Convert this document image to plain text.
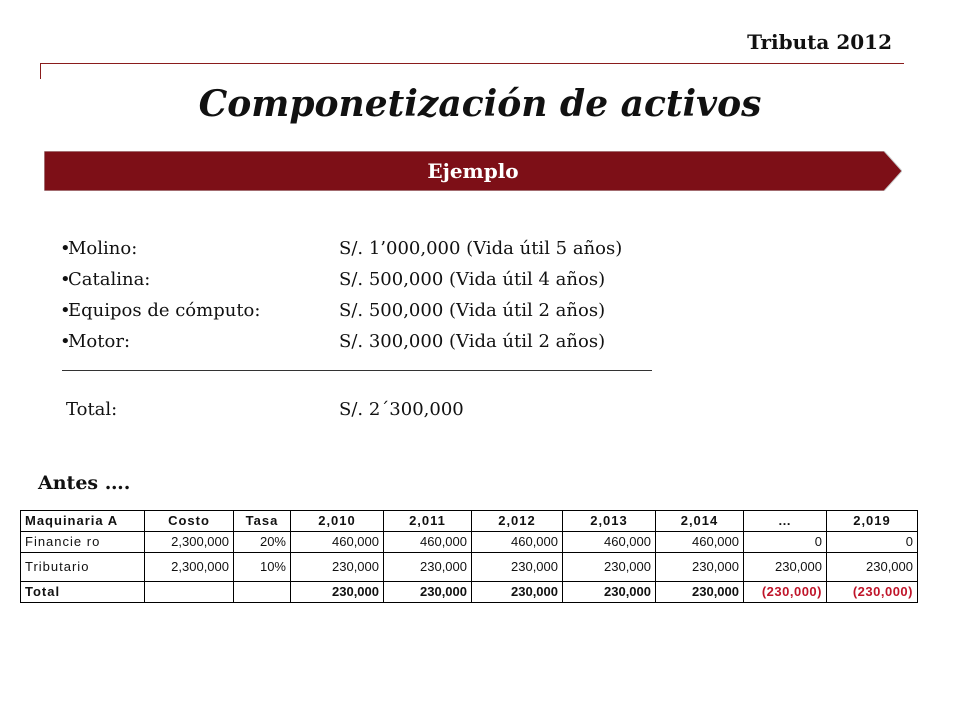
Tributa 2012
Componetización de activos
Ejemplo
•
Molino:	S/. 1’000,000 (Vida útil 5 años)
•
Catalina:	S/. 500,000 (Vida útil 4 años)
•
Equipos de cómputo:	S/. 500,000 (Vida útil 2 años)
•
Motor:	S/. 300,000 (Vida útil 2 años)
Total:	S/. 2´300,000
Antes ….
Maquinaria A	Costo	Tasa	2,010	2,011	2,012	2,013	2,014	…	2,019
Financie ro	2,300,000	20%	460,000	460,000	460,000	460,000	460,000	0	0
Tributario	2,300,000	10%	230,000	230,000	230,000	230,000	230,000	230,000	230,000
Total			230,000	230,000	230,000	230,000	230,000	(230,000)	(230,000)
